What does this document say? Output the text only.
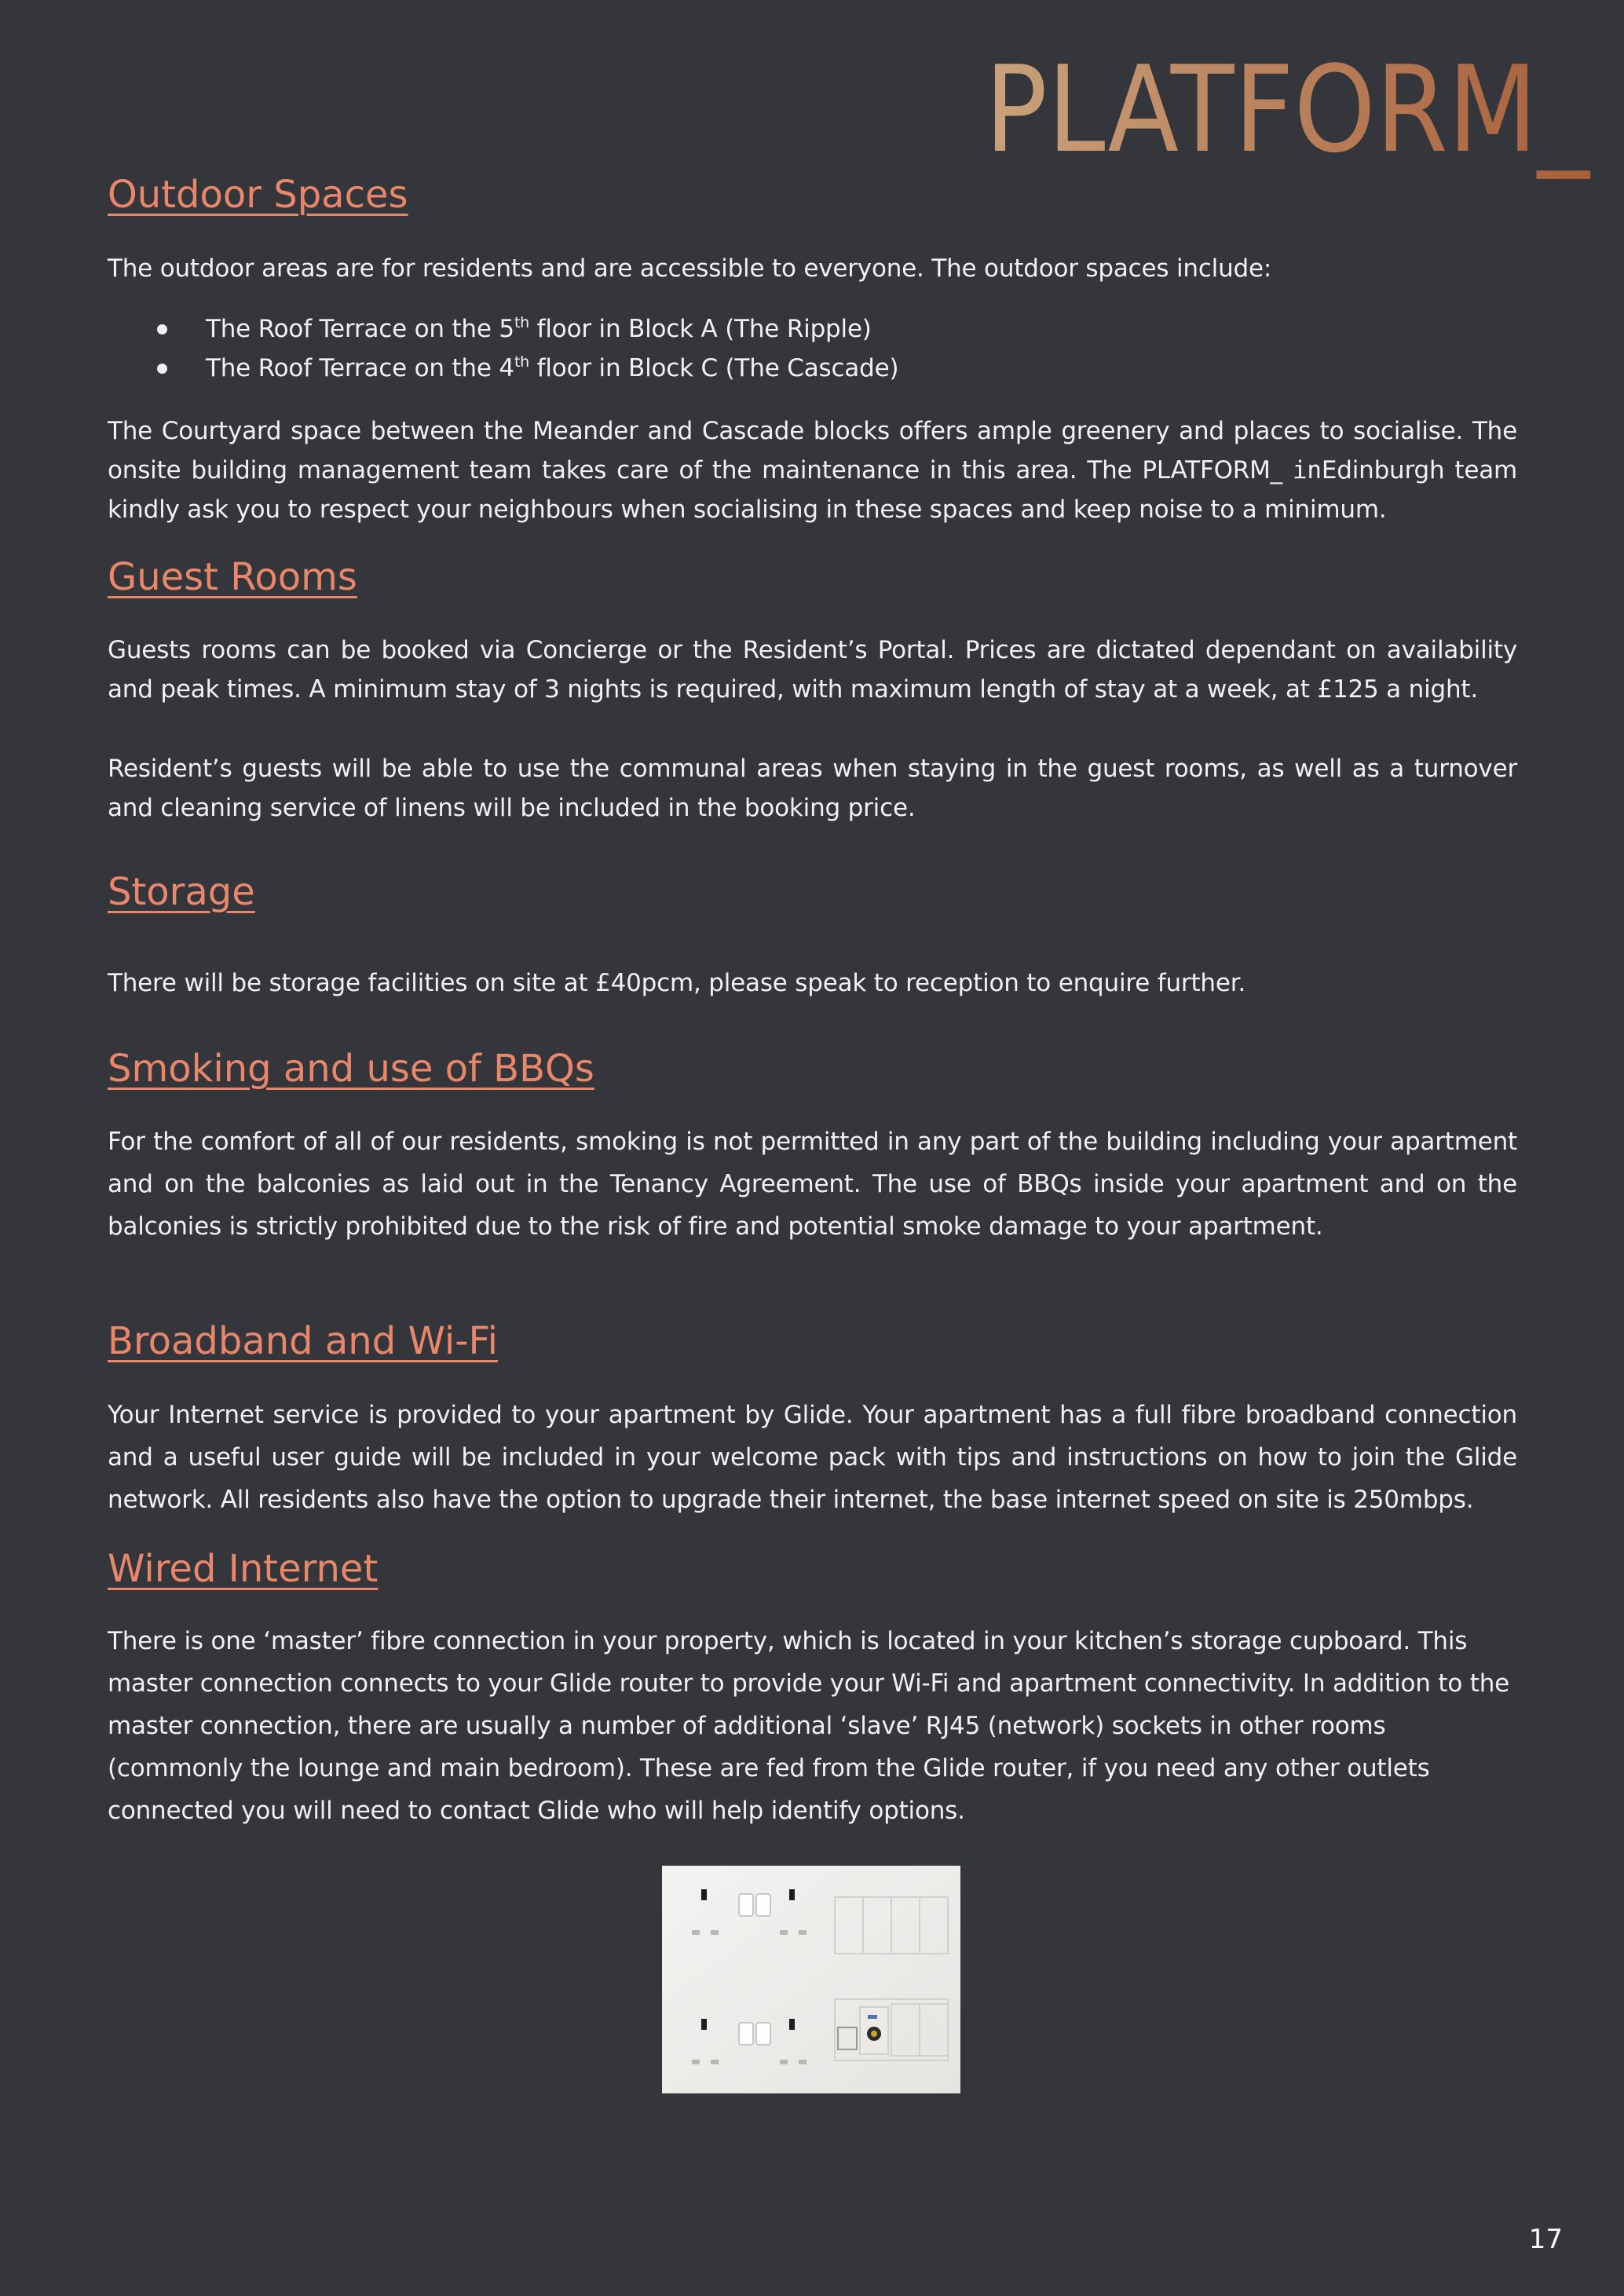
PLATFORM_
Outdoor Spaces

The outdoor areas are for residents and are accessible to everyone. The outdoor spaces include:

The Roof Terrace on the 5th floor in Block A (The Ripple)
The Roof Terrace on the 4th floor in Block C (The Cascade)

The Courtyard space between the Meander and Cascade blocks offers ample greenery and places to socialise. The onsite building management team takes care of the maintenance in this area. The PLATFORM_ inEdinburgh team kindly ask you to respect your neighbours when socialising in these spaces and keep noise to a minimum.

Guest Rooms

Guests rooms can be booked via Concierge or the Resident’s Portal. Prices are dictated dependant on availability and peak times. A minimum stay of 3 nights is required, with maximum length of stay at a week, at £125 a night.

Resident’s guests will be able to use the communal areas when staying in the guest rooms, as well as a turnover and cleaning service of linens will be included in the booking price.

Storage

There will be storage facilities on site at £40pcm, please speak to reception to enquire further.

Smoking and use of BBQs

For the comfort of all of our residents, smoking is not permitted in any part of the building including your apartment and on the balconies as laid out in the Tenancy Agreement. The use of BBQs inside your apartment and on the balconies is strictly prohibited due to the risk of fire and potential smoke damage to your apartment.

Broadband and Wi-Fi

Your Internet service is provided to your apartment by Glide. Your apartment has a full fibre broadband connection and a useful user guide will be included in your welcome pack with tips and instructions on how to join the Glide network. All residents also have the option to upgrade their internet, the base internet speed on site is 250mbps.

Wired Internet

There is one ‘master’ fibre connection in your property, which is located in your kitchen’s storage cupboard. This master connection connects to your Glide router to provide your Wi-Fi and apartment connectivity. In addition to the master connection, there are usually a number of additional ‘slave’ RJ45 (network) sockets in other rooms (commonly the lounge and main bedroom). These are fed from the Glide router, if you need any other outlets connected you will need to contact Glide who will help identify options.

17
